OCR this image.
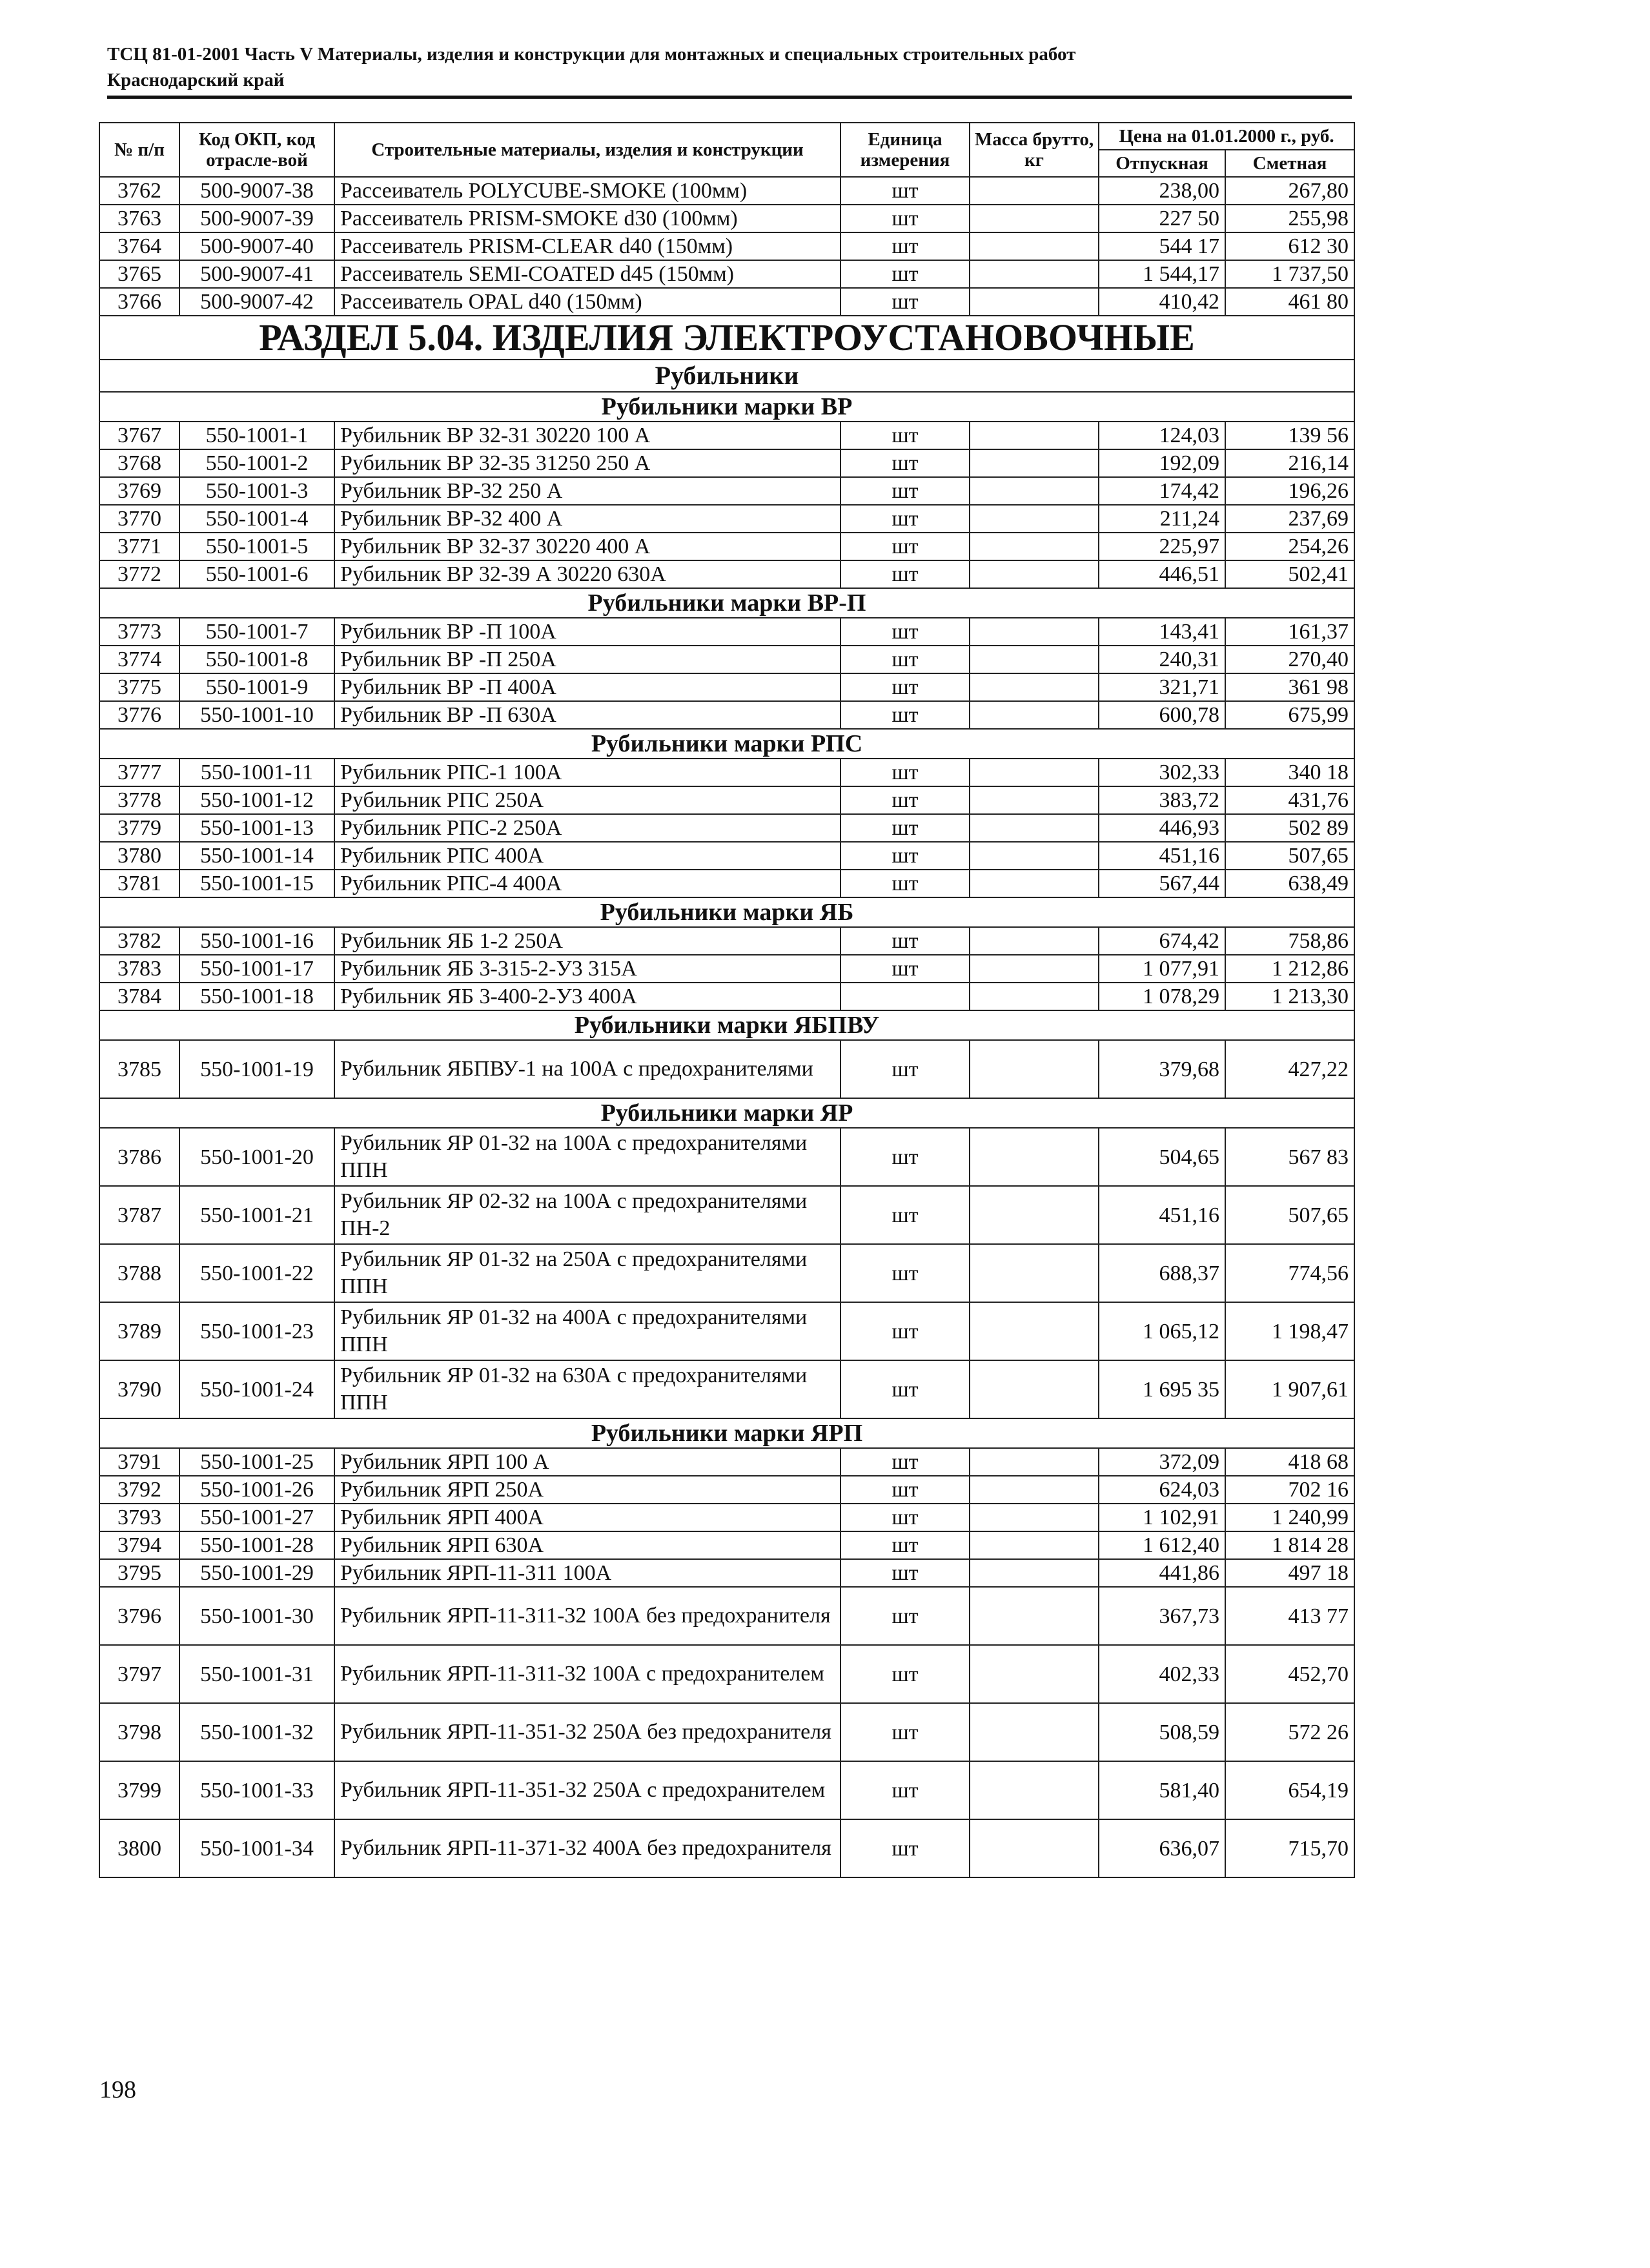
ТСЦ 81-01-2001 Часть V Материалы, изделия и конструкции для монтажных и специальных строительных работ
Краснодарский край
№ п/п	Код ОКП, код отрасле-вой	Строительные материалы, изделия и конструкции	Единица измерения	Масса брутто, кг	Цена на 01.01.2000 г., руб.	
					Отпускная	Сметная
3762	500-9007-38	Рассеиватель POLYCUBE-SMOKE (100мм)	шт		238,00	267,80
3763	500-9007-39	Рассеиватель PRISM-SMOKE d30 (100мм)	шт		227 50	255,98
3764	500-9007-40	Рассеиватель PRISM-CLEAR d40 (150мм)	шт		544 17	612 30
3765	500-9007-41	Рассеиватель SEMI-COATED d45 (150мм)	шт		1 544,17	1 737,50
3766	500-9007-42	Рассеиватель OPAL d40 (150мм)	шт		410,42	461 80
РАЗДЕЛ 5.04. ИЗДЕЛИЯ ЭЛЕКТРОУСТАНОВОЧНЫЕ						
Рубильники						
Рубильники марки ВР						
3767	550-1001-1	Рубильник ВР 32-31 30220 100 А	шт		124,03	139 56
3768	550-1001-2	Рубильник ВР 32-35 31250 250 А	шт		192,09	216,14
3769	550-1001-3	Рубильник ВР-32 250 А	шт		174,42	196,26
3770	550-1001-4	Рубильник ВР-32 400 А	шт		211,24	237,69
3771	550-1001-5	Рубильник ВР 32-37 30220 400 А	шт		225,97	254,26
3772	550-1001-6	Рубильник ВР 32-39 А 30220 630А	шт		446,51	502,41
Рубильники марки ВР-П						
3773	550-1001-7	Рубильник ВР -П 100А	шт		143,41	161,37
3774	550-1001-8	Рубильник ВР -П 250А	шт		240,31	270,40
3775	550-1001-9	Рубильник ВР -П 400А	шт		321,71	361 98
3776	550-1001-10	Рубильник ВР -П 630А	шт		600,78	675,99
Рубильники марки РПС						
3777	550-1001-11	Рубильник РПС-1 100А	шт		302,33	340 18
3778	550-1001-12	Рубильник РПС 250А	шт		383,72	431,76
3779	550-1001-13	Рубильник РПС-2 250А	шт		446,93	502 89
3780	550-1001-14	Рубильник РПС 400А	шт		451,16	507,65
3781	550-1001-15	Рубильник РПС-4 400А	шт		567,44	638,49
Рубильники марки ЯБ						
3782	550-1001-16	Рубильник ЯБ 1-2 250А	шт		674,42	758,86
3783	550-1001-17	Рубильник ЯБ 3-315-2-У3 315А	шт		1 077,91	1 212,86
3784	550-1001-18	Рубильник ЯБ 3-400-2-У3 400А			1 078,29	1 213,30
Рубильники марки ЯБПВУ						
3785	550-1001-19	Рубильник ЯБПВУ-1 на 100А с предохранителями	шт		379,68	427,22
Рубильники марки ЯР						
3786	550-1001-20	Рубильник ЯР 01-32 на 100А с предохранителями ППН	шт		504,65	567 83
3787	550-1001-21	Рубильник ЯР 02-32 на 100А с предохранителями ПН-2	шт		451,16	507,65
3788	550-1001-22	Рубильник ЯР 01-32 на 250А с предохранителями ППН	шт		688,37	774,56
3789	550-1001-23	Рубильник ЯР 01-32 на 400А с предохранителями ППН	шт		1 065,12	1 198,47
3790	550-1001-24	Рубильник ЯР 01-32 на 630А с предохранителями ППН	шт		1 695 35	1 907,61
Рубильники марки ЯРП						
3791	550-1001-25	Рубильник ЯРП 100 А	шт		372,09	418 68
3792	550-1001-26	Рубильник ЯРП 250А	шт		624,03	702 16
3793	550-1001-27	Рубильник ЯРП 400А	шт		1 102,91	1 240,99
3794	550-1001-28	Рубильник ЯРП 630А	шт		1 612,40	1 814 28
3795	550-1001-29	Рубильник ЯРП-11-311 100А	шт		441,86	497 18
3796	550-1001-30	Рубильник ЯРП-11-311-32 100А без предохранителя	шт		367,73	413 77
3797	550-1001-31	Рубильник ЯРП-11-311-32 100А с предохранителем	шт		402,33	452,70
3798	550-1001-32	Рубильник ЯРП-11-351-32 250А без предохранителя	шт		508,59	572 26
3799	550-1001-33	Рубильник ЯРП-11-351-32 250А с предохранителем	шт		581,40	654,19
3800	550-1001-34	Рубильник ЯРП-11-371-32 400А без предохранителя	шт		636,07	715,70
198
